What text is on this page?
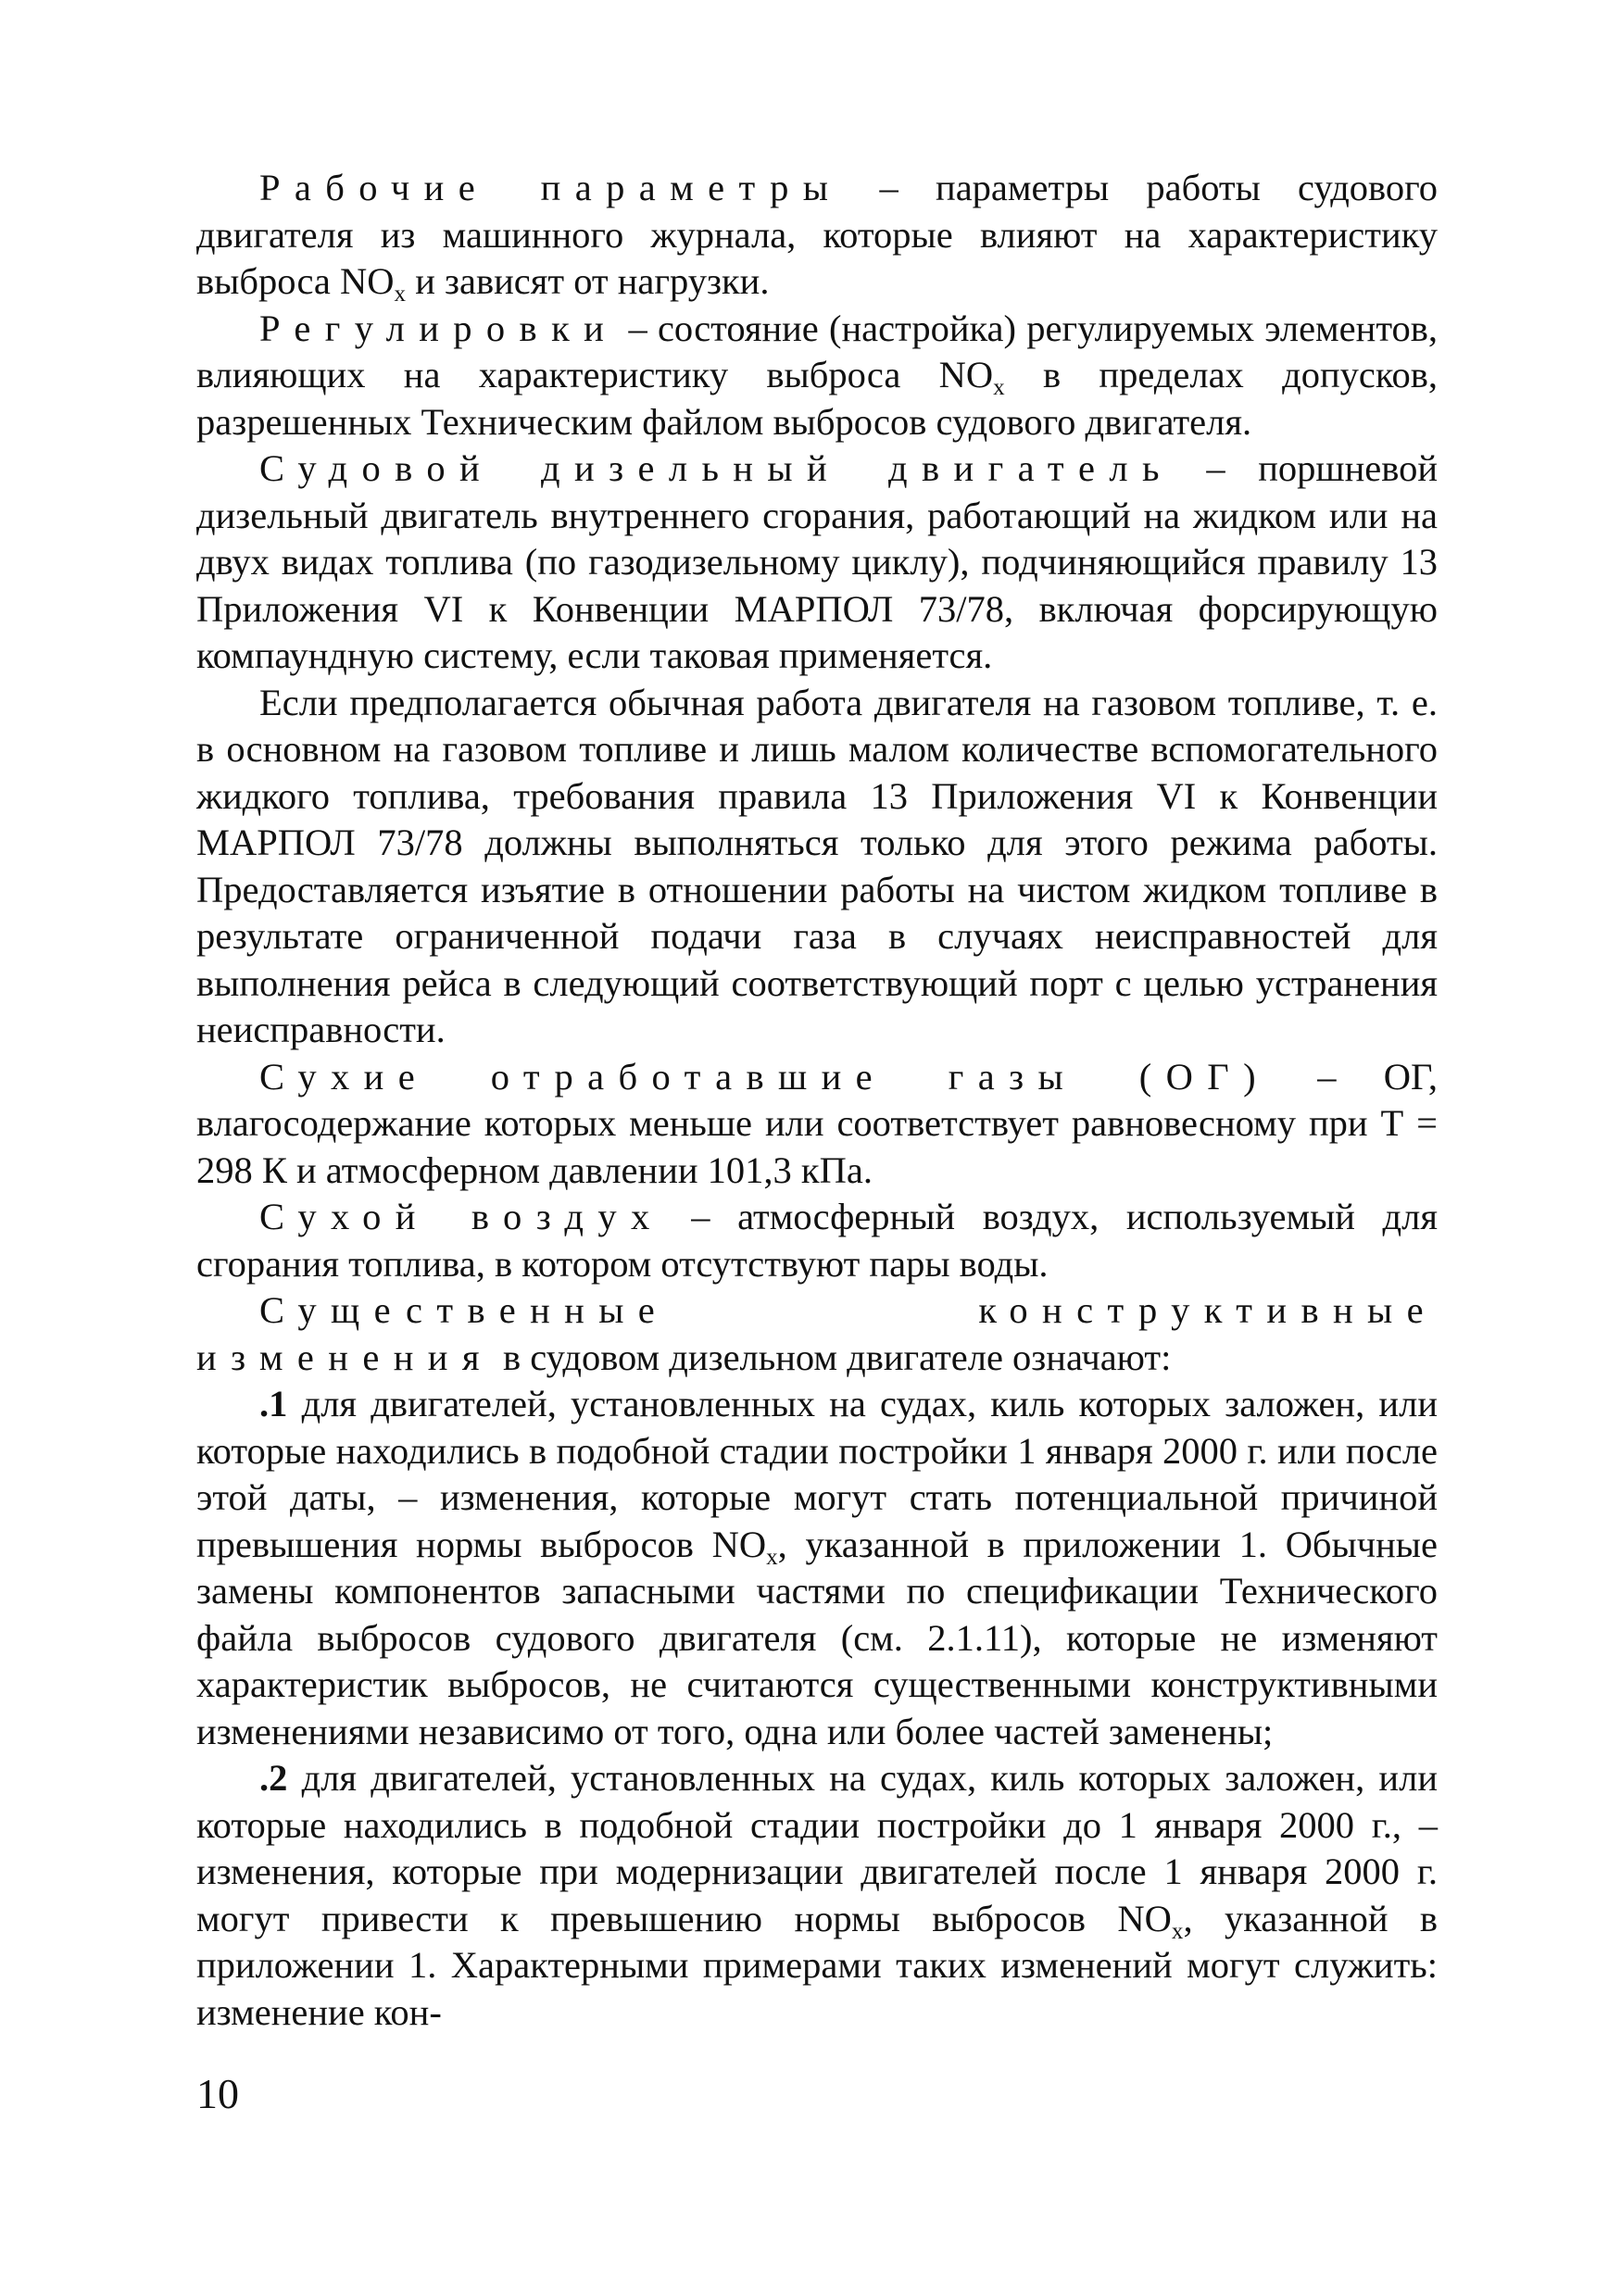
Рабочие параметры – параметры работы судового двигателя из машинного журнала, которые влияют на характеристику выброса $NO_x$ и зависят от нагрузки.

Регулировки – состояние (настройка) регулируемых элементов, влияющих на характеристику выброса $NO_x$ в пределах допусков, разрешенных Техническим файлом выбросов судового двигателя.

Судовой дизельный двигатель – поршневой дизельный двигатель внутреннего сгорания, работающий на жидком или на двух видах топлива (по газодизельному циклу), подчиняющийся правилу 13 Приложения VI к Конвенции МАРПОЛ 73/78, включая форсирующую компаундную систему, если таковая применяется.

Если предполагается обычная работа двигателя на газовом топливе, т. е. в основном на газовом топливе и лишь малом количестве вспомогательного жидкого топлива, требования правила 13 Приложения VI к Конвенции МАРПОЛ 73/78 должны выполняться только для этого режима работы. Предоставляется изъятие в отношении работы на чистом жидком топливе в результате ограниченной подачи газа в случаях неисправностей для выполнения рейса в следующий соответствующий порт с целью устранения неисправности.

Сухие отработавшие газы (ОГ) – ОГ, влагосодержание которых меньше или соответствует равновесному при Т = 298 К и атмосферном давлении 101,3 кПа.

Сухой воздух – атмосферный воздух, используемый для сгорания топлива, в котором отсутствуют пары воды.

Существенные конструктивные изменения в судовом дизельном двигателе означают:

.1 для двигателей, установленных на судах, киль которых заложен, или которые находились в подобной стадии постройки 1 января 2000 г. или после этой даты, – изменения, которые могут стать потенциальной причиной превышения нормы выбросов $NO_x$, указанной в приложении 1. Обычные замены компонентов запасными частями по спецификации Технического файла выбросов судового двигателя (см. 2.1.11), которые не изменяют характеристик выбросов, не считаются существенными конструктивными изменениями независимо от того, одна или более частей заменены;

.2 для двигателей, установленных на судах, киль которых заложен, или которые находились в подобной стадии постройки до 1 января 2000 г., – изменения, которые при модернизации двигателей после 1 января 2000 г. могут привести к превышению нормы выбросов $NO_x$, указанной в приложении 1. Характерными примерами таких изменений могут служить: изменение кон-

10
